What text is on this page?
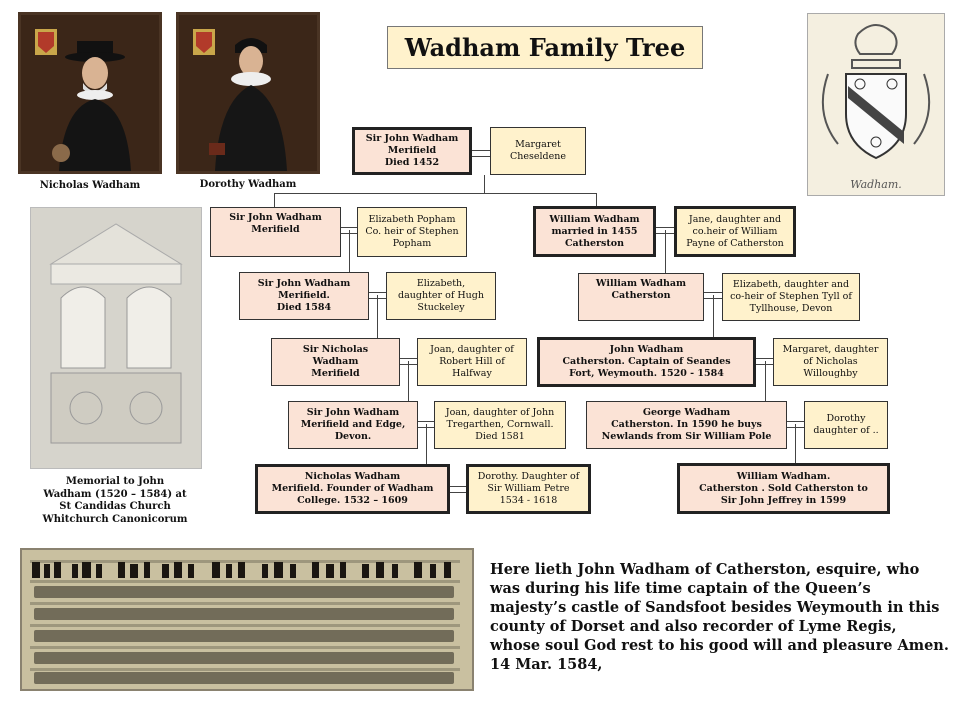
Nicholas Wadham	Dorothy Wadham	Wadham.
Memorial to John
Wadham (1520 – 1584) at
St Candidas Church
Whitchurch Canonicorum
Wadham Family Tree
Sir John Wadham
Merifield
Died 1452
Margaret
Cheseldene
Sir John Wadham
Merifield
Elizabeth Popham
Co. heir of Stephen
Popham
Sir John Wadham
Merifield.
Died 1584
Elizabeth,
daughter of Hugh
Stuckeley
Sir Nicholas
Wadham
Merifield
Joan, daughter of
Robert Hill of
Halfway
Sir John Wadham
Merifield and Edge,
Devon.
Joan, daughter of John
Tregarthen, Cornwall.
Died 1581
Nicholas Wadham
Merifield. Founder of Wadham
College. 1532 – 1609
Dorothy. Daughter of
Sir William Petre
1534 - 1618
William Wadham
married in 1455
Catherston
Jane, daughter and
co.heir of William
Payne of Catherston
William Wadham
Catherston
Elizabeth, daughter and
co-heir of Stephen Tyll of
Tyllhouse, Devon
John Wadham
Catherston. Captain of Seandes
Fort, Weymouth. 1520 - 1584
Margaret, daughter
of Nicholas
Willoughby
George Wadham
Catherston. In 1590 he buys
Newlands from Sir William Pole
Dorothy
daughter of ..
William Wadham.
Catherston . Sold Catherston to
Sir John Jeffrey in 1599
Here lieth John Wadham of Catherston, esquire, who was during his life time captain of the Queen’s majesty’s castle of Sandsfoot besides Weymouth in this county of Dorset and also recorder of Lyme Regis, whose soul God rest to his good will and pleasure Amen. 14 Mar. 1584,
